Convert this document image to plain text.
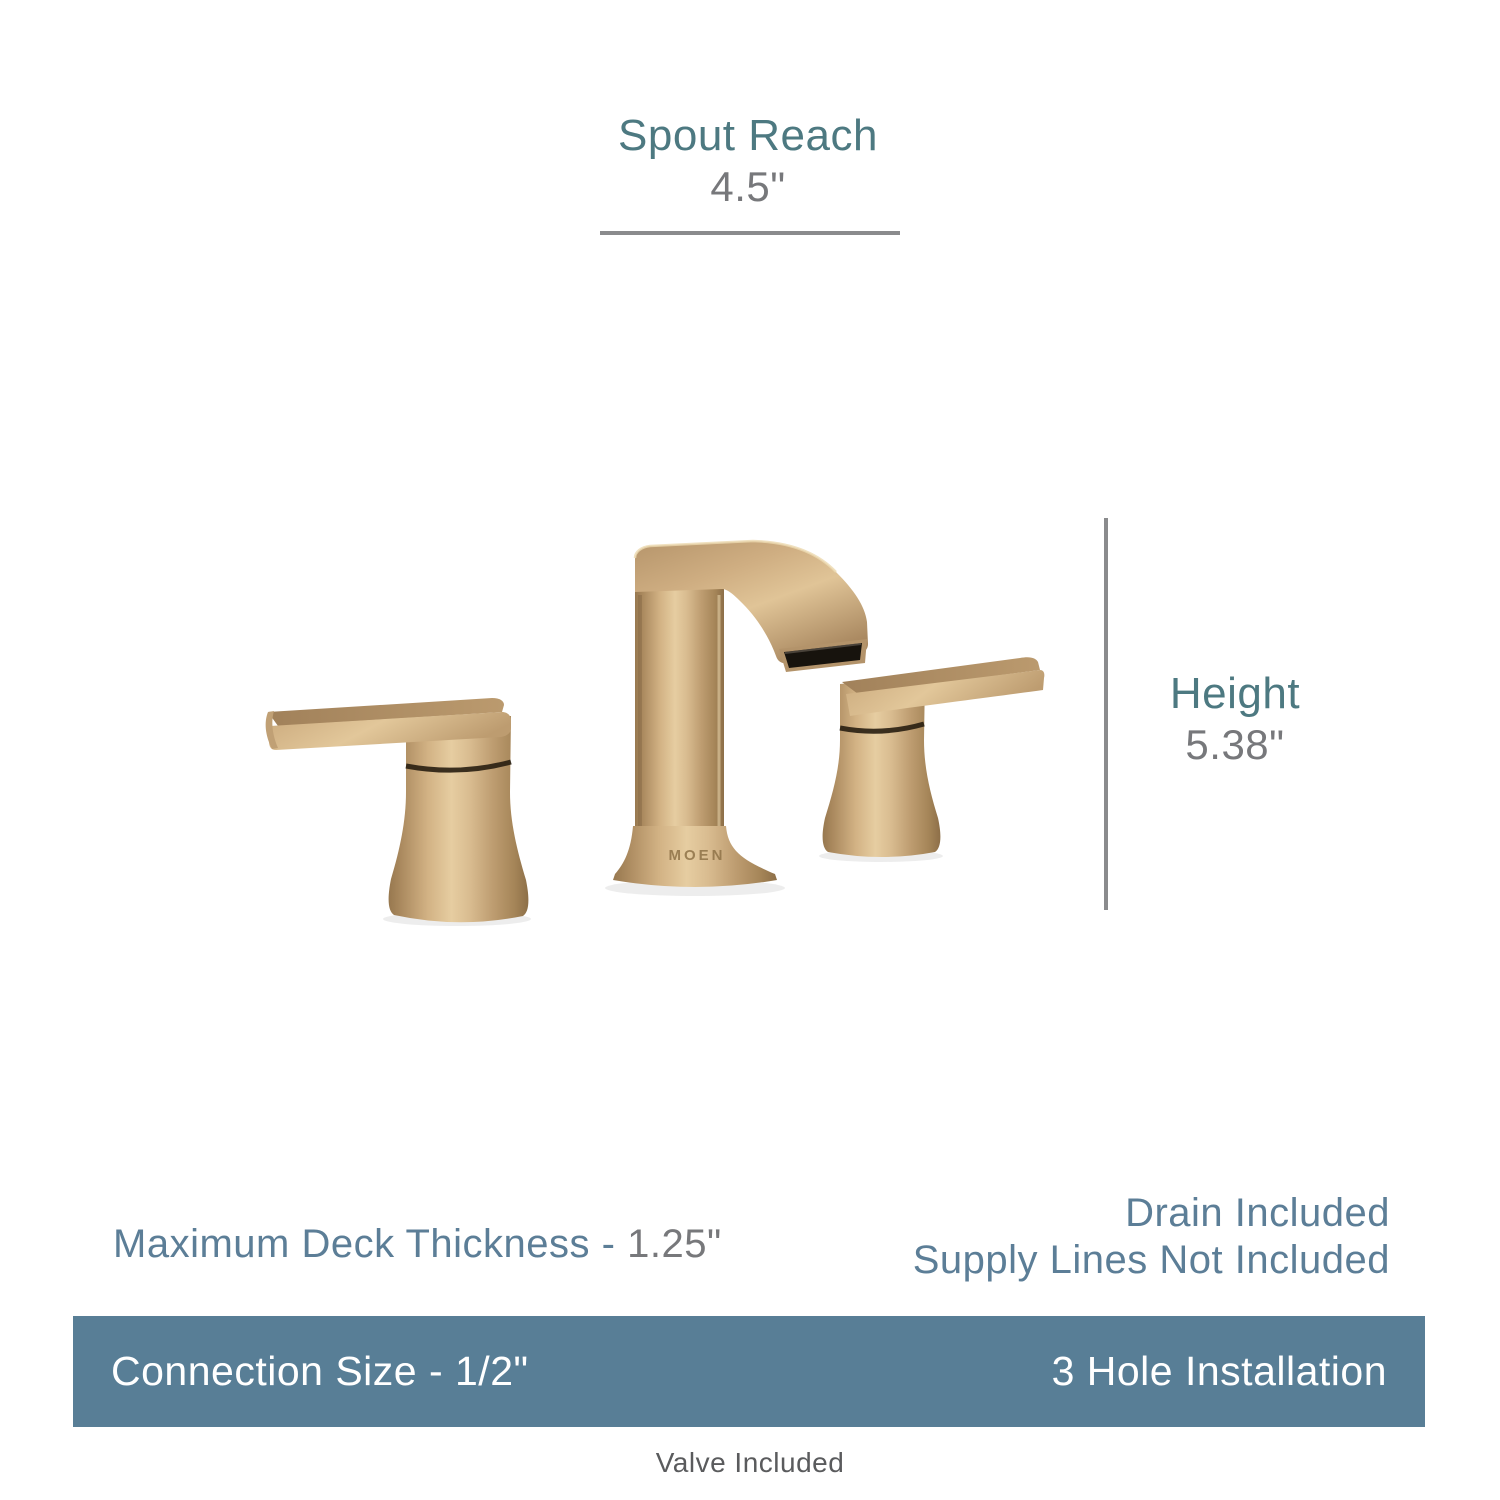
Spout Reach
4.5"
MOEN
Height
5.38"
Maximum Deck Thickness - 1.25"
Drain Included
Supply Lines Not Included
Connection Size - 1/2"	3 Hole Installation
Valve Included
